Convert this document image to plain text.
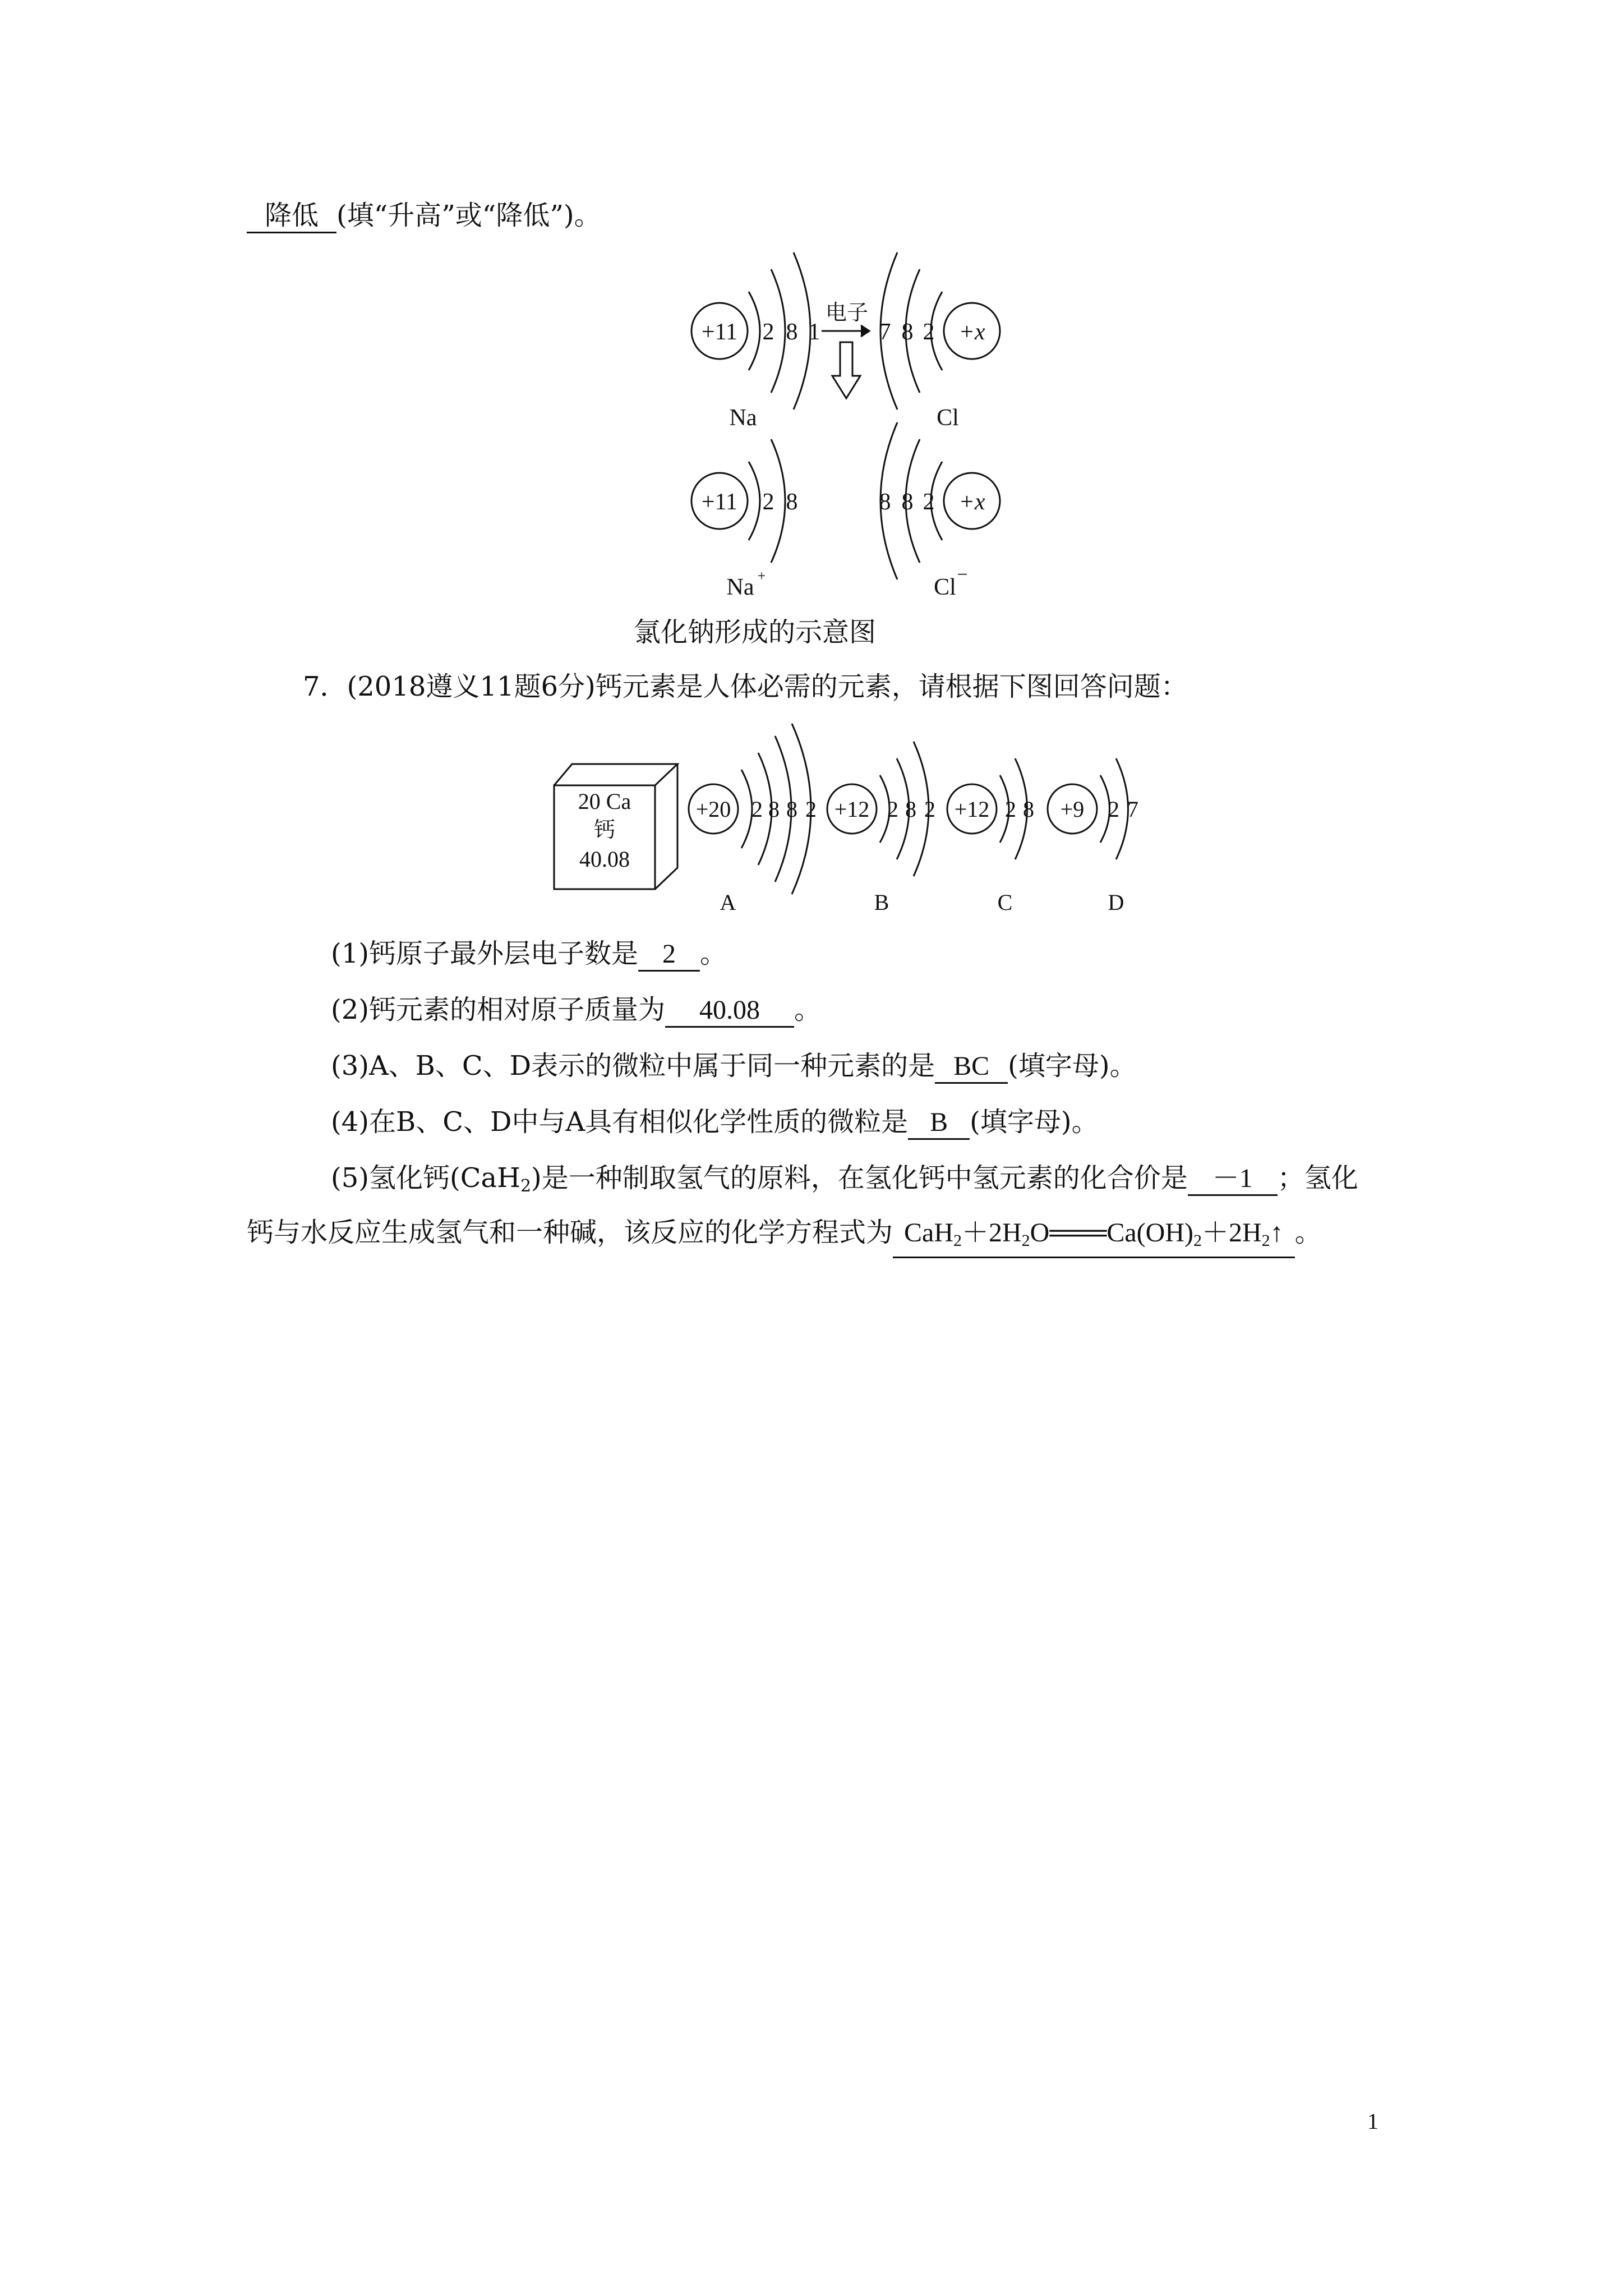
降低 (填“升高”或“降低”)。
+11 2 8 1
电子
7 8 2 +x
Na	Cl
+11 2 8	8 8 2 +x
Na +	Cl −
氯化钠形成的示意图
7．(2018遵义11题6分)钙元素是人体必需的元素，请根据下图回答问题：
20 Ca
钙
40.08
+20 2 8 8 2 +12 2 8 2 +12 2 8 +9 2 7
A	B	C	D
(1)钙原子最外层电子数是 2 。
(2)钙元素的相对原子质量为 40.08 。
(3)A、B、C、D表示的微粒中属于同一种元素的是 BC (填字母)。
(4)在B、C、D中与A具有相似化学性质的微粒是 B (填字母)。
(5)氢化钙(CaH$_2$)是一种制取氢气的原料，在氢化钙中氢元素的化合价是 －1 ；氢化
钙与水反应生成氢气和一种碱，该反应的化学方程式为 $CaH_2+2H_2O═══Ca(OH)_2+2H_2↑$ 。
1
